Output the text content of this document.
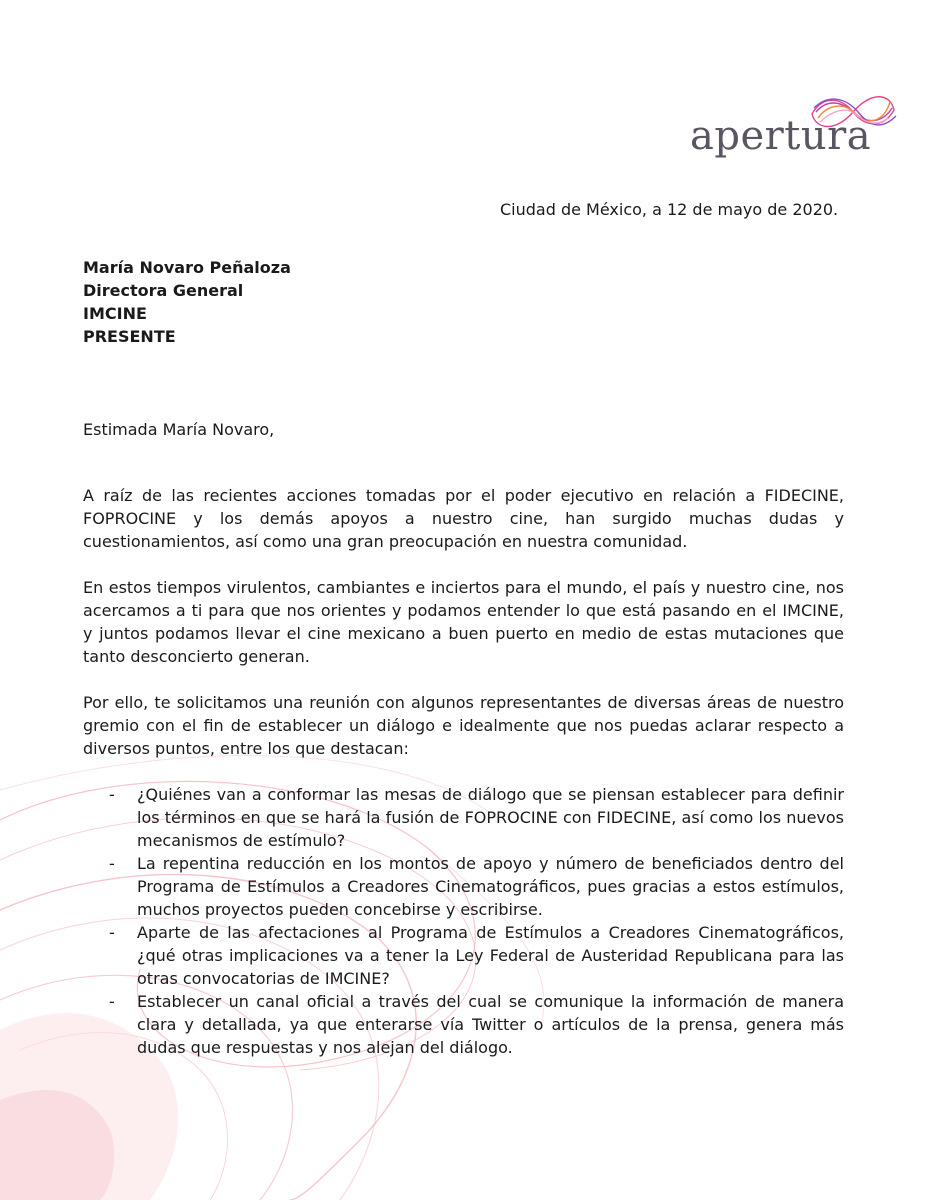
apertura
Ciudad de México, a 12 de mayo de 2020.
María Novaro Peñaloza
Directora General
IMCINE
PRESENTE
Estimada María Novaro,

A raíz de las recientes acciones tomadas por el poder ejecutivo en relación a FIDECINE, FOPROCINE y los demás apoyos a nuestro cine, han surgido muchas dudas y cuestionamientos, así como una gran preocupación en nuestra comunidad.

En estos tiempos virulentos, cambiantes e inciertos para el mundo, el país y nuestro cine, nos acercamos a ti para que nos orientes y podamos entender lo que está pasando en el IMCINE, y juntos podamos llevar el cine mexicano a buen puerto en medio de estas mutaciones que tanto desconcierto generan.

Por ello, te solicitamos una reunión con algunos representantes de diversas áreas de nuestro gremio con el fin de establecer un diálogo e idealmente que nos puedas aclarar respecto a diversos puntos, entre los que destacan:

- ¿Quiénes van a conformar las mesas de diálogo que se piensan establecer para definir los términos en que se hará la fusión de FOPROCINE con FIDECINE, así como los nuevos mecanismos de estímulo?
- La repentina reducción en los montos de apoyo y número de beneficiados dentro del Programa de Estímulos a Creadores Cinematográficos, pues gracias a estos estímulos, muchos proyectos pueden concebirse y escribirse.
- Aparte de las afectaciones al Programa de Estímulos a Creadores Cinematográficos, ¿qué otras implicaciones va a tener la Ley Federal de Austeridad Republicana para las otras convocatorias de IMCINE?
- Establecer un canal oficial a través del cual se comunique la información de manera clara y detallada, ya que enterarse vía Twitter o artículos de la prensa, genera más dudas que respuestas y nos alejan del diálogo.
